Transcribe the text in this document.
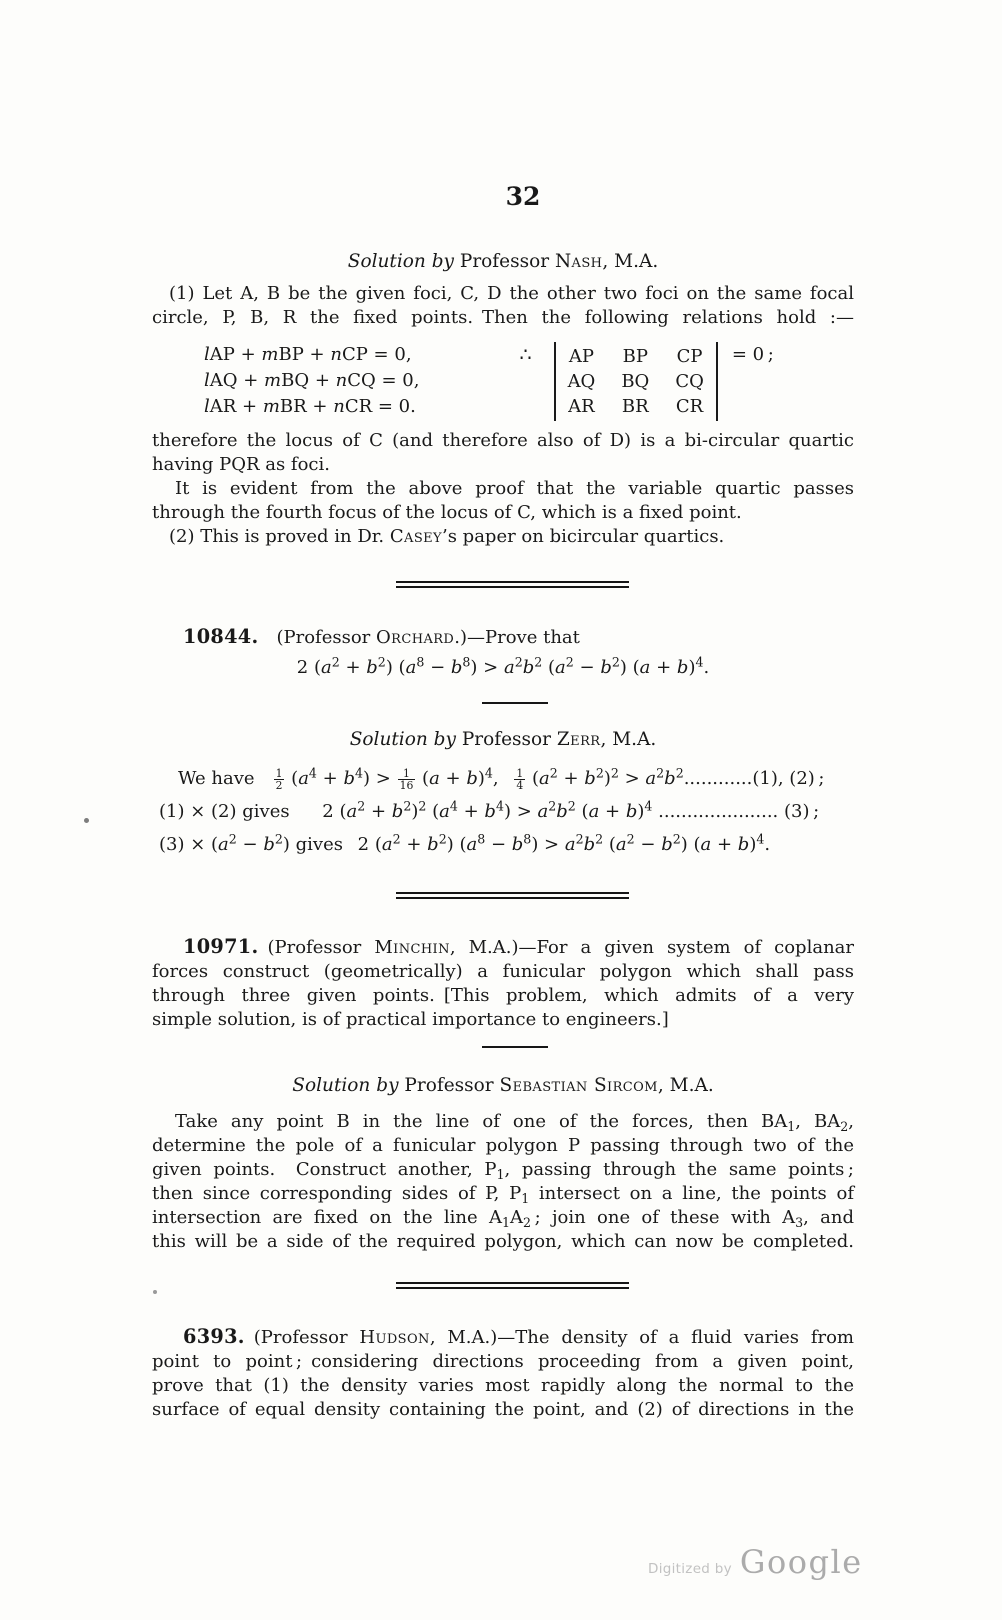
32
Solution by Professor Nash, M.A.

(1) Let A, B be the given foci, C, D the other two foci on the same focal

circle, P, B, R the fixed points. Then the following relations hold :—

lAP + mBP + nCP = 0,
lAQ + mBQ + nCQ = 0,
lAR + mBR + nCR = 0.
∴ AP BP CP
AQ BQ CQ
AR BR CR
= 0 ;

therefore the locus of C (and therefore also of D) is a bi-circular quartic

having PQR as foci.

It is evident from the above proof that the variable quartic passes

through the fourth focus of the locus of C, which is a fixed point.

(2) This is proved in Dr. Casey’s paper on bicircular quartics.

10844. (Professor Orchard.)—Prove that

2 $(a^2 + b^2) (a^8 - b^8) > a^2b^2$ $(a^2 - b^2) (a + b)^4$.

Solution by Professor Zerr, M.A.

We have  $\frac{1}{2} (a^4 + b^4) > \frac{1}{16} (a + b)^4$,  $\frac{1}{4} (a^2 + b^2)^2 > a^2b^2............(1)$, (2) ;

(1) × (2) gives   2 $(a^2 + b^2)^2$ $(a^4 + b^4) > a^2b^2$ $(a + b)^4$ ..................... (3) ;

$(3) \times (a^2 - b^2)$ gives  2 $(a^2 + b^2) (a^8 - b^8) > a^2b^2$ $(a^2 - b^2) (a + b)^4$.

10971. (Professor Minchin, M.A.)—For a given system of coplanar

forces construct (geometrically) a funicular polygon which shall pass

through three given points. [This problem, which admits of a very

simple solution, is of practical importance to engineers.]

Solution by Professor Sebastian Sircom, M.A.

Take any point B in the line of one of the forces, then $BA_1$, $BA_2$,

determine the pole of a funicular polygon P passing through two of the

given points.  Construct another, $P_1$, passing through the same points ;

then since corresponding sides of P, $P_1$ intersect on a line, the points of

intersection are fixed on the line $A_1A_2$ ; join one of these with $A_3$, and

this will be a side of the required polygon, which can now be completed.

6393. (Professor Hudson, M.A.)—The density of a fluid varies from

point to point ; considering directions proceeding from a given point,

prove that (1) the density varies most rapidly along the normal to the

surface of equal density containing the point, and (2) of directions in the

Digitized by Google
